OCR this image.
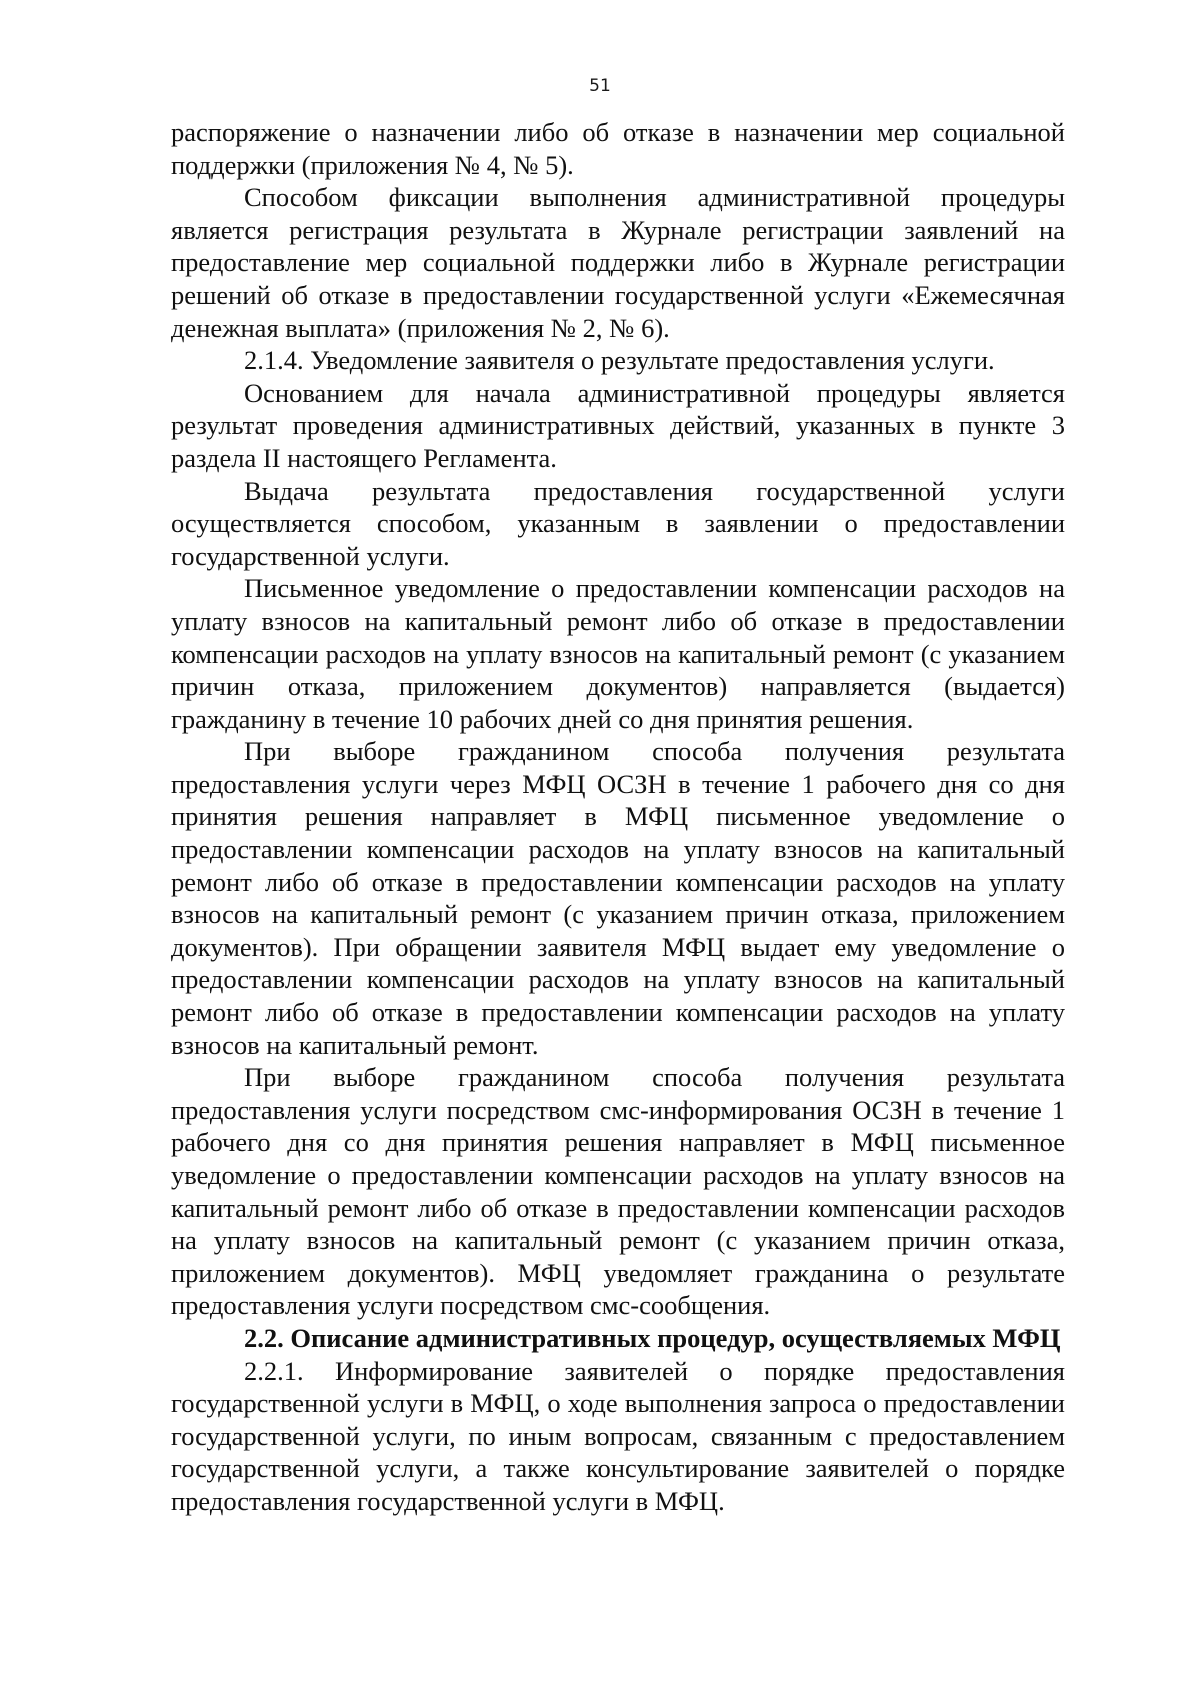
51

распоряжение о назначении либо об отказе в назначении мер социальной поддержки (приложения № 4, № 5).

Способом фиксации выполнения административной процедуры является регистрация результата в Журнале регистрации заявлений на предоставление мер социальной поддержки либо в Журнале регистрации решений об отказе в предоставлении государственной услуги «Ежемесячная денежная выплата» (приложения № 2, № 6).

2.1.4. Уведомление заявителя о результате предоставления услуги.

Основанием для начала административной процедуры является результат проведения административных действий, указанных в пункте 3 раздела II настоящего Регламента.

Выдача результата предоставления государственной услуги осуществляется способом, указанным в заявлении о предоставлении государственной услуги.

Письменное уведомление о предоставлении компенсации расходов на уплату взносов на капитальный ремонт либо об отказе в предоставлении компенсации расходов на уплату взносов на капитальный ремонт (с указанием причин отказа, приложением документов) направляется (выдается) гражданину в течение 10 рабочих дней со дня принятия решения.

При выборе гражданином способа получения результата предоставления услуги через МФЦ ОСЗН в течение 1 рабочего дня со дня принятия решения направляет в МФЦ письменное уведомление о предоставлении компенсации расходов на уплату взносов на капитальный ремонт либо об отказе в предоставлении компенсации расходов на уплату взносов на капитальный ремонт (с указанием причин отказа, приложением документов). При обращении заявителя МФЦ выдает ему уведомление о предоставлении компенсации расходов на уплату взносов на капитальный ремонт либо об отказе в предоставлении компенсации расходов на уплату взносов на капитальный ремонт.

При выборе гражданином способа получения результата предоставления услуги посредством смс-информирования ОСЗН в течение 1 рабочего дня со дня принятия решения направляет в МФЦ письменное уведомление о предоставлении компенсации расходов на уплату взносов на капитальный ремонт либо об отказе в предоставлении компенсации расходов на уплату взносов на капитальный ремонт (с указанием причин отказа, приложением документов). МФЦ уведомляет гражданина о результате предоставления услуги посредством смс-сообщения.

2.2. Описание административных процедур, осуществляемых МФЦ

2.2.1. Информирование заявителей о порядке предоставления государственной услуги в МФЦ, о ходе выполнения запроса о предоставлении государственной услуги, по иным вопросам, связанным с предоставлением государственной услуги, а также консультирование заявителей о порядке предоставления государственной услуги в МФЦ.
